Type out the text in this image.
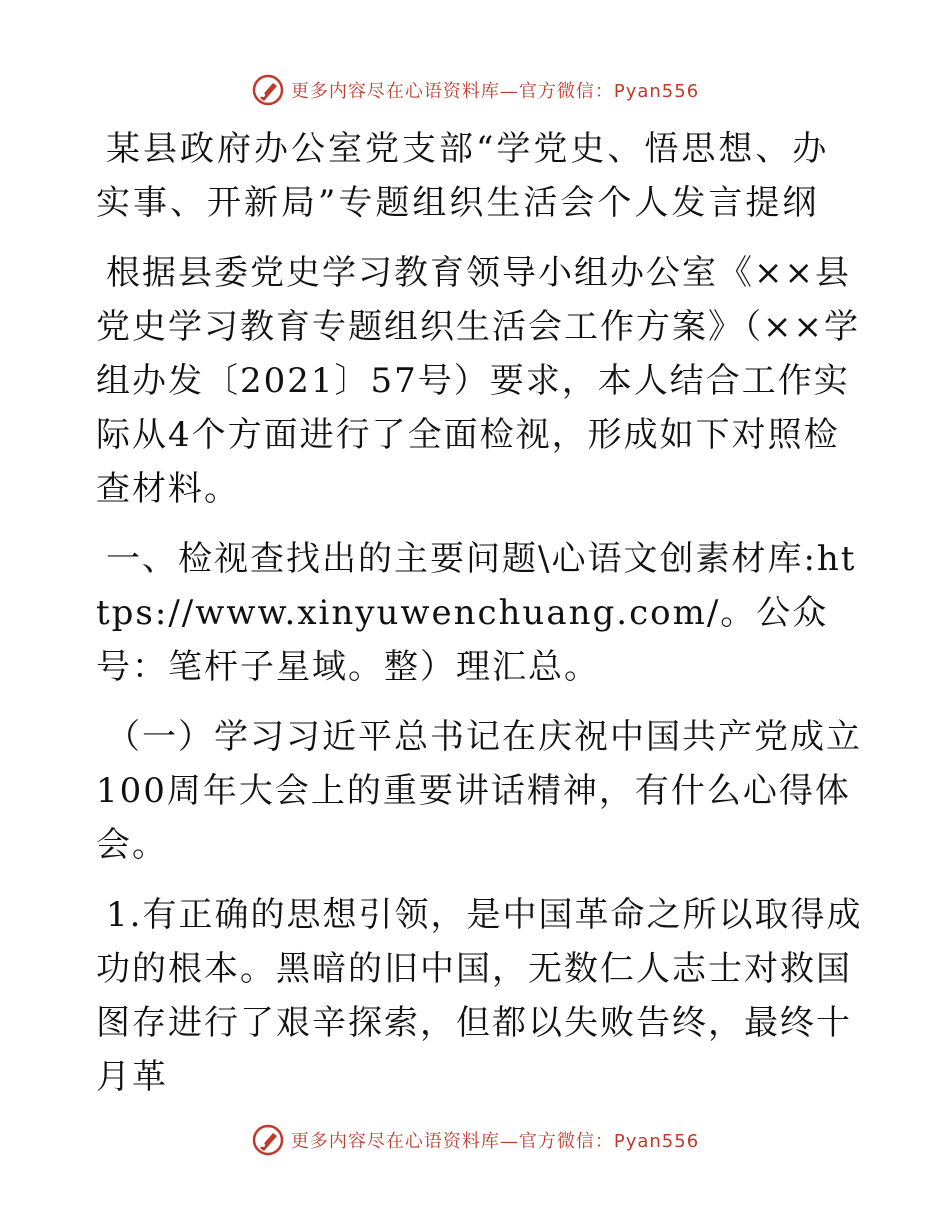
更多内容尽在心语资料库—官方微信：Pyan556

某县政府办公室党支部“学党史、悟思想、办实事、开新局”专题组织生活会个人发言提纲

根据县委党史学习教育领导小组办公室《××县党史学习教育专题组织生活会工作方案》（××学组办发〔2021〕57号）要求，本人结合工作实际从4个方面进行了全面检视，形成如下对照检查材料。

一、检视查找出的主要问题\心语文创素材库:https://www.xinyuwenchuang.com/。公众号：笔杆子星域。整）理汇总。

（一）学习习近平总书记在庆祝中国共产党成立100周年大会上的重要讲话精神，有什么心得体会。

1.有正确的思想引领，是中国革命之所以取得成功的根本。黑暗的旧中国，无数仁人志士对救国图存进行了艰辛探索，但都以失败告终，最终十月革

更多内容尽在心语资料库—官方微信：Pyan556
